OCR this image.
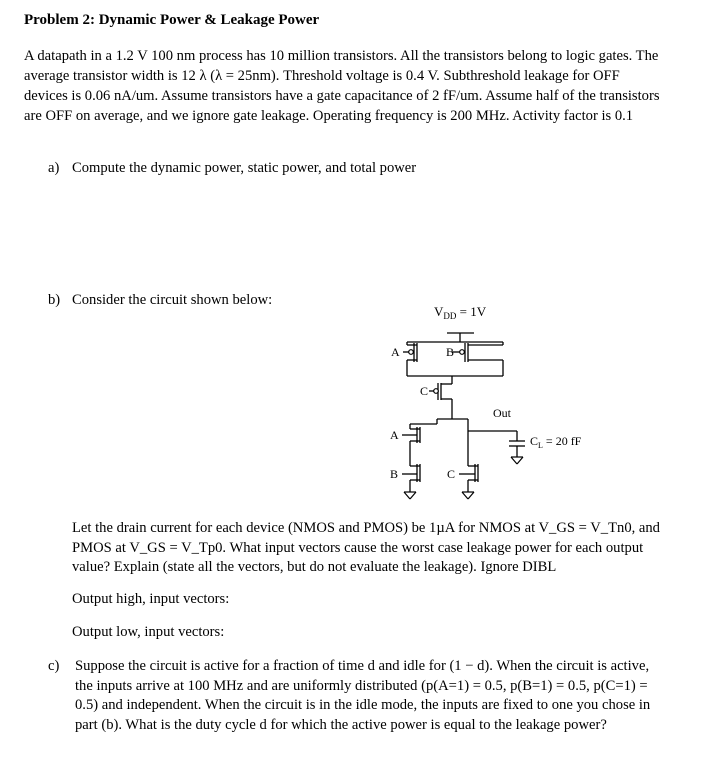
Problem 2: Dynamic Power & Leakage Power
A datapath in a 1.2 V 100 nm process has 10 million transistors. All the transistors belong to logic gates. The average transistor width is 12 λ (λ = 25nm). Threshold voltage is 0.4 V. Subthreshold leakage for OFF devices is 0.06 nA/um. Assume transistors have a gate capacitance of 2 fF/um. Assume half of the transistors are OFF on average, and we ignore gate leakage. Operating frequency is 200 MHz. Activity factor is 0.1
a) Compute the dynamic power, static power, and total power
b) Consider the circuit shown below:
$V_{DD} = 1V$
A	B
C
Out
$C_L = 20$ fF
A
B	C
Let the drain current for each device (NMOS and PMOS) be 1µA for NMOS at V_GS = V_Tn0, and PMOS at V_GS = V_Tp0. What input vectors cause the worst case leakage power for each output value? Explain (state all the vectors, but do not evaluate the leakage). Ignore DIBL
Output high, input vectors:
Output low, input vectors:
c) Suppose the circuit is active for a fraction of time d and idle for (1 − d). When the circuit is active, the inputs arrive at 100 MHz and are uniformly distributed (p(A=1) = 0.5, p(B=1) = 0.5, p(C=1) = 0.5) and independent. When the circuit is in the idle mode, the inputs are fixed to one you chose in part (b). What is the duty cycle d for which the active power is equal to the leakage power?
